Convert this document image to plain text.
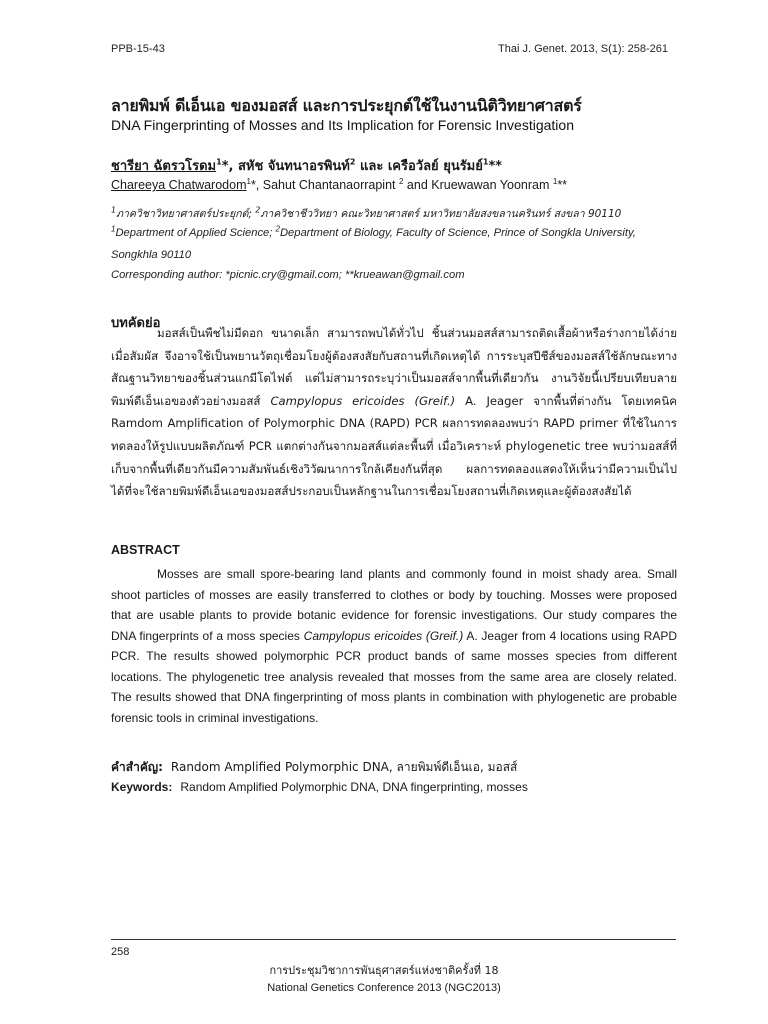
PPB-15-43	Thai J. Genet. 2013, S(1): 258-261
ลายพิมพ์ ดีเอ็นเอ ของมอสส์ และการประยุกต์ใช้ในงานนิติวิทยาศาสตร์
DNA Fingerprinting of Mosses and Its Implication for Forensic Investigation
ชารียา ฉัตรวโรดม$^1$*, สหัช จันทนาอรพินท์$^2$ และ เครือวัลย์ ยุนรัมย์$^1$**
Chareeya Chatwarodom$^1$*, Sahut Chantanaorrapint $^2$ and Kruewawan Yoonram $^1$**
$^1$ภาควิชาวิทยาศาสตร์ประยุกต์; $^2$ภาควิชาชีววิทยา คณะวิทยาศาสตร์ มหาวิทยาลัยสงขลานครินทร์ สงขลา 90110
$^1$Department of Applied Science; $^2$Department of Biology, Faculty of Science, Prince of Songkla University,
Songkhla 90110
Corresponding author: *picnic.cry@gmail.com; **krueawan@gmail.com
บทคัดย่อ

มอสส์เป็นพืชไม่มีดอก ขนาดเล็ก สามารถพบได้ทั่วไป ชิ้นส่วนมอสส์สามารถติดเสื้อผ้าหรือร่างกายได้ง่ายเมื่อสัมผัส จึงอาจใช้เป็นพยานวัตถุเชื่อมโยงผู้ต้องสงสัยกับสถานที่เกิดเหตุได้ การระบุสปีชีส์ของมอสส์ใช้ลักษณะทางสัณฐานวิทยาของชิ้นส่วนแกมีโตไฟต์ แต่ไม่สามารถระบุว่าเป็นมอสส์จากพื้นที่เดียวกัน งานวิจัยนี้เปรียบเทียบลายพิมพ์ดีเอ็นเอของตัวอย่างมอสส์ Campylopus ericoides (Greif.) A. Jeager จากพื้นที่ต่างกัน โดยเทคนิค Ramdom Amplification of Polymorphic DNA (RAPD) PCR ผลการทดลองพบว่า RAPD primer ที่ใช้ในการทดลองให้รูปแบบผลิตภัณฑ์ PCR แตกต่างกันจากมอสส์แต่ละพื้นที่ เมื่อวิเคราะห์ phylogenetic tree พบว่ามอสส์ที่เก็บจากพื้นที่เดียวกันมีความสัมพันธ์เชิงวิวัฒนาการใกล้เคียงกันที่สุด ผลการทดลองแสดงให้เห็นว่ามีความเป็นไปได้ที่จะใช้ลายพิมพ์ดีเอ็นเอของมอสส์ประกอบเป็นหลักฐานในการเชื่อมโยงสถานที่เกิดเหตุและผู้ต้องสงสัยได้

ABSTRACT

Mosses are small spore-bearing land plants and commonly found in moist shady area. Small shoot particles of mosses are easily transferred to clothes or body by touching. Mosses were proposed that are usable plants to provide botanic evidence for forensic investigations. Our study compares the DNA fingerprints of a moss species Campylopus ericoides (Greif.) A. Jeager from 4 locations using RAPD PCR. The results showed polymorphic PCR product bands of same mosses species from different locations. The phylogenetic tree analysis revealed that mosses from the same area are closely related. The results showed that DNA fingerprinting of moss plants in combination with phylogenetic are probable forensic tools in criminal investigations.

คำสำคัญ: Random Amplified Polymorphic DNA, ลายพิมพ์ดีเอ็นเอ, มอสส์
Keywords: Random Amplified Polymorphic DNA, DNA fingerprinting, mosses
258
การประชุมวิชาการพันธุศาสตร์แห่งชาติครั้งที่ 18
National Genetics Conference 2013 (NGC2013)
